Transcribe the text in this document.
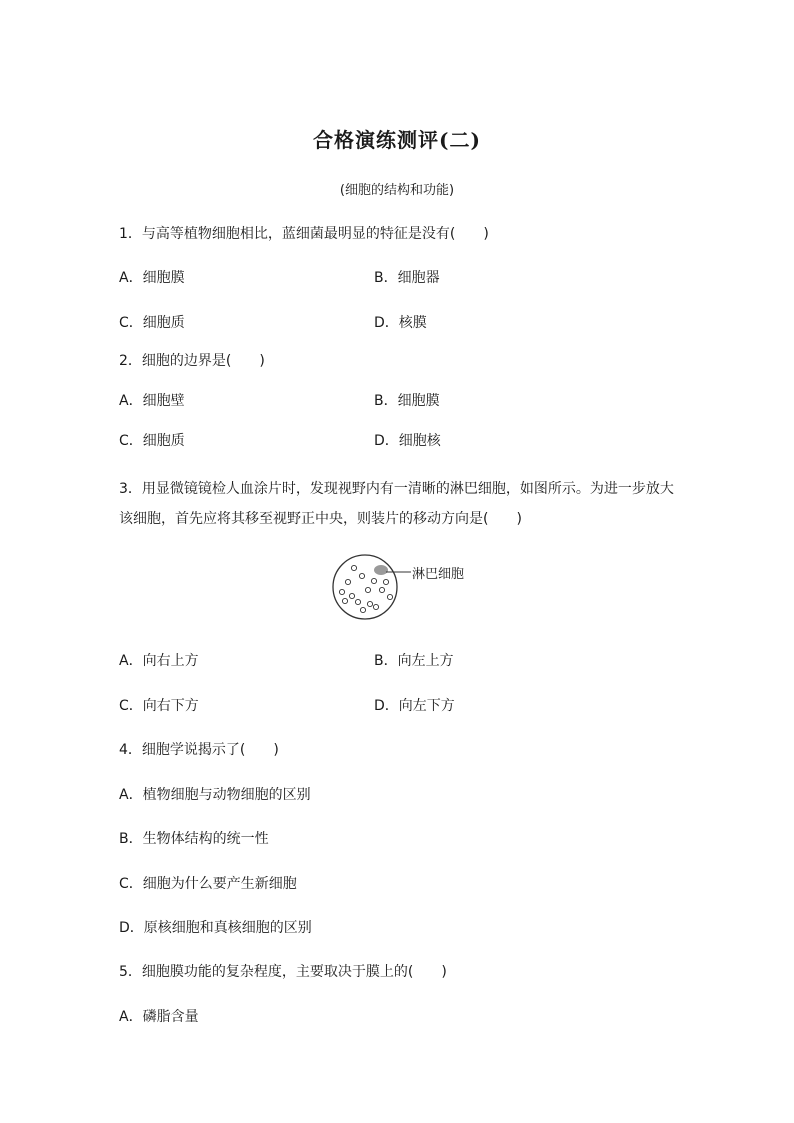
合格演练测评(二)
(细胞的结构和功能)
1．与高等植物细胞相比，蓝细菌最明显的特征是没有(　　)
A．细胞膜	B．细胞器
C．细胞质	D．核膜
2．细胞的边界是(　　)
A．细胞壁	B．细胞膜
C．细胞质	D．细胞核
3．用显微镜镜检人血涂片时，发现视野内有一清晰的淋巴细胞，如图所示。为进一步放大
该细胞，首先应将其移至视野正中央，则装片的移动方向是(　　)
淋巴细胞
A．向右上方	B．向左上方
C．向右下方	D．向左下方
4．细胞学说揭示了(　　)
A．植物细胞与动物细胞的区别
B．生物体结构的统一性
C．细胞为什么要产生新细胞
D．原核细胞和真核细胞的区别
5．细胞膜功能的复杂程度，主要取决于膜上的(　　)
A．磷脂含量
